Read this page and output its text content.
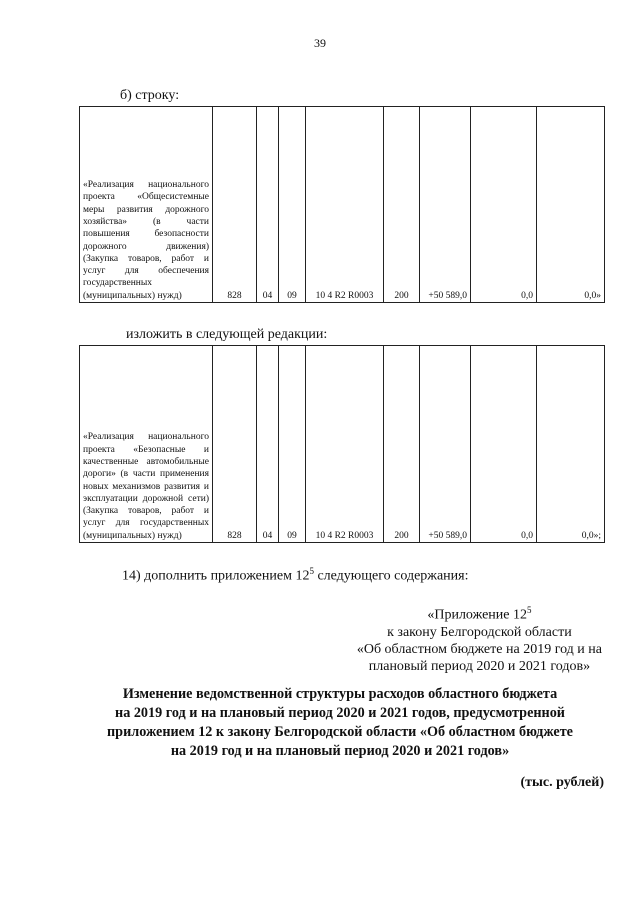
39
б) строку:
«Реализация национального проекта «Общесистемные меры развития дорожного хозяйства» (в части повышения безопасности дорожного движения) (Закупка товаров, работ и услуг для обеспечения государственных (муниципальных) нужд)	828	04	09	10 4 R2 R0003	200	+50 589,0	0,0	0,0»
изложить в следующей редакции:
«Реализация национального проекта «Безопасные и качественные автомобильные дороги» (в части применения новых механизмов развития и эксплуатации дорожной сети) (Закупка товаров, работ и услуг для государственных (муниципальных) нужд)	828	04	09	10 4 R2 R0003	200	+50 589,0	0,0	0,0»;
14) дополнить приложением $12^5$ следующего содержания:
«Приложение $12^5$
к закону Белгородской области
«Об областном бюджете на 2019 год и на
плановый период 2020 и 2021 годов»
Изменение ведомственной структуры расходов областного бюджета
на 2019 год и на плановый период 2020 и 2021 годов, предусмотренной
приложением 12 к закону Белгородской области «Об областном бюджете
на 2019 год и на плановый период 2020 и 2021 годов»
(тыс. рублей)
